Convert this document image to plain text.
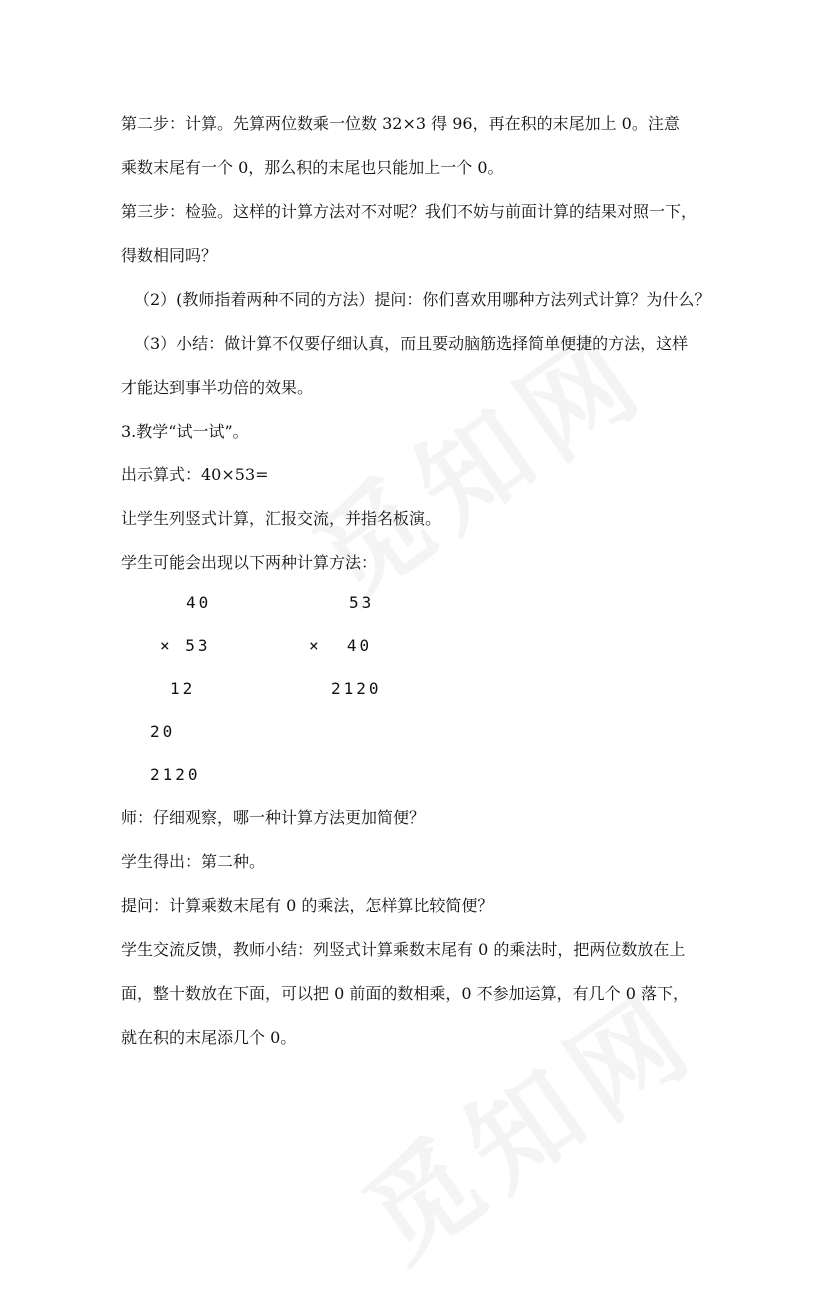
第二步：计算。先算两位数乘一位数 32×3 得 96，再在积的末尾加上 0。注意
乘数末尾有一个 0，那么积的末尾也只能加上一个 0。
第三步：检验。这样的计算方法对不对呢？我们不妨与前面计算的结果对照一下，
得数相同吗？
（2）(教师指着两种不同的方法）提问：你们喜欢用哪种方法列式计算？为什么？
（3）小结：做计算不仅要仔细认真，而且要动脑筋选择简单便捷的方法，这样
才能达到事半功倍的效果。
3.教学“试一试”。
出示算式：40×53=
让学生列竖式计算，汇报交流，并指名板演。
学生可能会出现以下两种计算方法：
40
× 53
12
20
2120
53
×  40
2120
师：仔细观察，哪一种计算方法更加简便？
学生得出：第二种。
提问：计算乘数末尾有 0 的乘法，怎样算比较简便？
学生交流反馈，教师小结：列竖式计算乘数末尾有 0 的乘法时，把两位数放在上
面，整十数放在下面，可以把 0 前面的数相乘，0 不参加运算，有几个 0 落下，
就在积的末尾添几个 0。
